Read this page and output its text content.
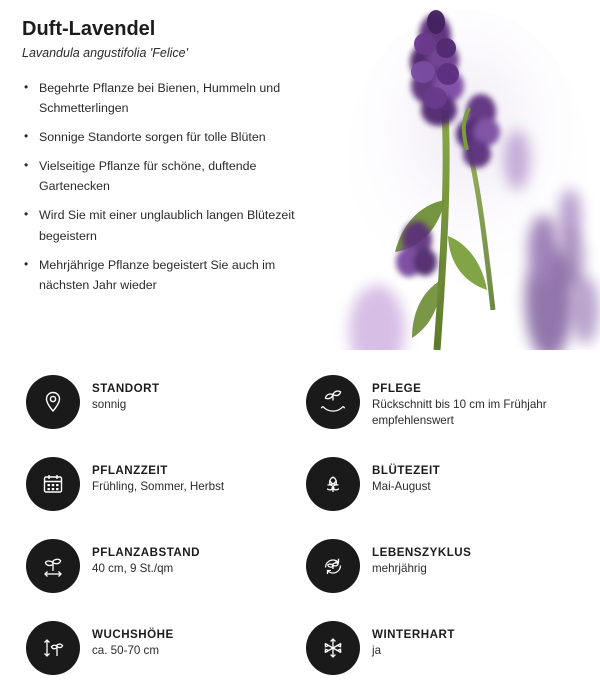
Duft-Lavendel
Lavandula angustifolia 'Felice'
• Begehrte Pflanze bei Bienen, Hummeln und Schmetterlingen
• Sonnige Standorte sorgen für tolle Blüten
• Vielseitige Pflanze für schöne, duftende Gartenecken
• Wird Sie mit einer unglaublich langen Blütezeit begeistern
• Mehrjährige Pflanze begeistert Sie auch im nächsten Jahr wieder

STANDORT

sonnig

PFLEGE

Rückschnitt bis 10 cm im Frühjahr empfehlenswert

PFLANZZEIT

Frühling, Sommer, Herbst

BLÜTEZEIT

Mai-August

PFLANZABSTAND

40 cm, 9 St./qm

LEBENSZYKLUS

mehrjährig

WUCHSHÖHE

ca. 50-70 cm

WINTERHART

ja
